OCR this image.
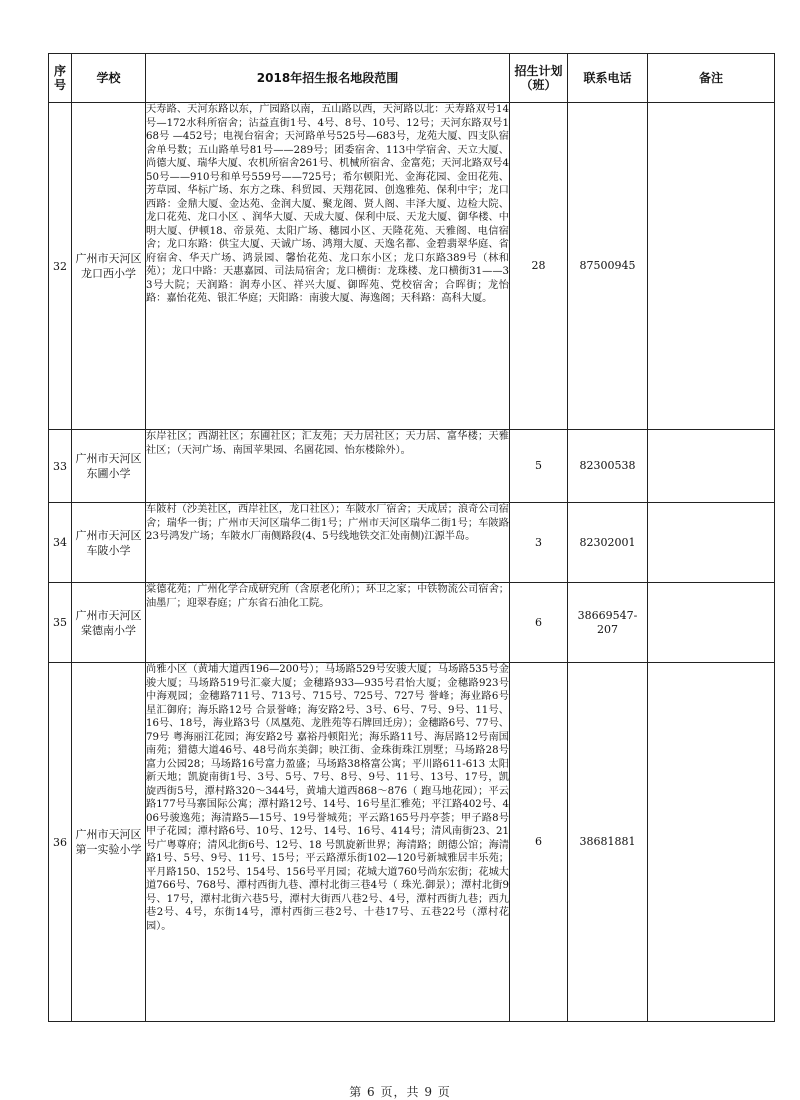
序号	学校	2018年招生报名地段范围	招生计划（班）	联系电话	备注
32	广州市天河区龙口西小学	天寿路、天河东路以东，广园路以南，五山路以西，天河路以北：天寿路双号14号—172水科所宿舍；沾益直街1号、4号、8号、10号、12号；天河东路双号168号 —452号；电视台宿舍；天河路单号525号—683号，龙苑大厦、四支队宿舍单号数；五山路单号81号——289号；团委宿舍、113中学宿舍、天立大厦、尚德大厦、瑞华大厦、农机所宿舍261号、机械所宿舍、金富苑；天河北路双号450号——910号和单号559号——725号；希尔顿阳光、金海花园、金田花苑、芳草园、华标广场、东方之珠、科贸园、天翔花园、创逸雅苑、保利中宇；龙口西路：金鼎大厦、金达苑、金润大厦、聚龙阁、贤人阁、丰泽大厦、边检大院、龙口花苑、龙口小区 、润华大厦、天成大厦、保利中辰、天龙大厦、御华楼、中明大厦、伊顿18、帝景苑、太阳广场、穗园小区、天隆花苑、天雅阁、电信宿舍；龙口东路：供宝大厦、天诚广场、鸿翔大厦、天逸名都、金碧翡翠华庭、省府宿舍、华天广场、鸿景园、馨怡花苑、龙口东小区；龙口东路389号（林和苑）；龙口中路：天惠嘉园、司法局宿舍；龙口横街：龙珠楼、龙口横街31——33号大院；天润路：润寿小区、祥兴大厦、御晖苑、党校宿舍；合晖街；龙怡路：嘉怡花苑、银汇华庭；天阳路：南骏大厦、海逸阁；天科路：高科大厦。	28	87500945	
33	广州市天河区东圃小学	东岸社区；西湖社区；东圃社区；汇友苑；天力居社区；天力居、富华楼；天雅社区；（天河广场、南国苹果园、名園花园、怡东楼除外）。	5	82300538	
34	广州市天河区车陂小学	车陂村（沙美社区，西岸社区，龙口社区）；车陂水厂宿舍；天成居；浪奇公司宿舍；瑞华一街；广州市天河区瑞华二街1号；广州市天河区瑞华二街1号；车陂路23号鸿发广场；车陂水厂南侧路段(4、5号线地铁交汇处南侧)江源半岛。	3	82302001	
35	广州市天河区棠德南小学	棠德花苑；广州化学合成研究所（含原老化所）；环卫之家；中铁物流公司宿舍；油墨厂；迎翠春庭；广东省石油化工院。	6	38669547-207	
36	广州市天河区第一实验小学	尚雅小区（黄埔大道西196—200号）；马场路529号安骏大厦；马场路535号金骏大厦；马场路519号汇豪大厦；金穗路933—935号君怡大厦；金穗路923号中海观园；金穗路711号、713号、715号、725号、727号 誉峰；海业路6号 星汇御府；海乐路12号 合景誉峰；海安路2号、3号、6号、7号、9号、11号、16号、18号，海业路3号（凤凰苑、龙胜苑等石牌回迁房）；金穗路6号、77号、79号 粤海丽江花园；海安路2号 嘉裕丹顿阳光；海乐路11号、海居路12号南国南苑；猎德大道46号、48号尚东美御；映江街、金珠街珠江別墅；马场路28号富力公园28；马场路16号富力盈盛；马场路38格富公寓；平川路611-613 太阳新天地；凯旋南街1号、3号、5号、7号、8号、9号、11号、13号、17号，凯旋西街5号，潭村路320～344号，黄埔大道西868～876（ 跑马地花园）；平云路177号马寨国际公寓；潭村路12号、14号、16号星汇雅苑；平江路402号、406号骏逸苑；海清路5—15号、19号誉城苑；平云路165号丹亭荟；甲子路8号甲子花园；潭村路6号、10号、12号、14号、16号、414号；清风南街23、21号广粤尊府；清风北街6号、12号、18 号凯旋新世界；海清路；朗德公馆；海清路1号、5号、9号、11号、15号；平云路潭乐街102—120号新城雅居丰乐苑；平月路150、152号、154号、156号平月园；花城大道760号尚东宏街；花城大道766号、768号、潭村西街九巷、潭村北街三巷4号（ 珠光.御景）；潭村北街9号、17号，潭村北街六巷5号，潭村大街西八巷2号、4号，潭村西街九巷；西九巷2号、4号，东街14号，潭村西街三巷2号、十巷17号、五巷22号（潭村花园）。	6	38681881	
第 6 页，共 9 页
